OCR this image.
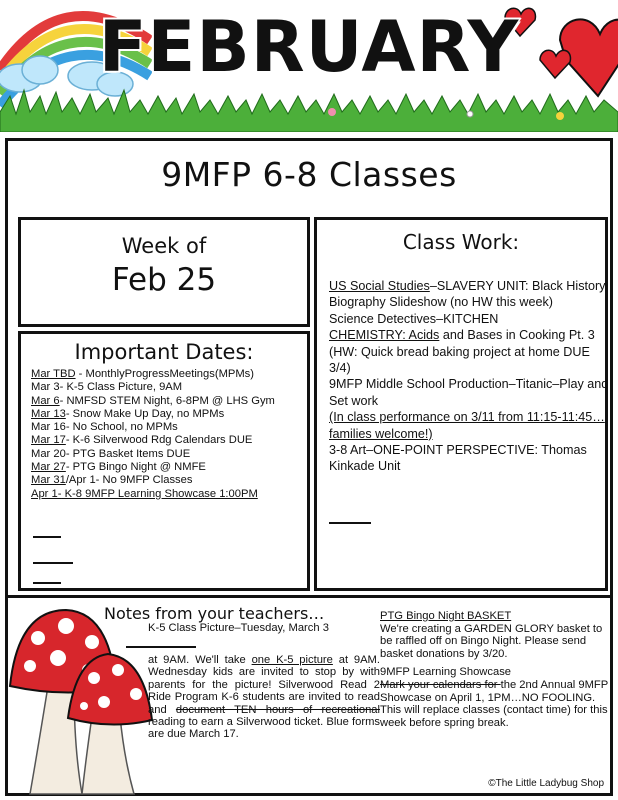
FEBRUARY
9MFP 6-8 Classes
Week of
Feb 25
Important Dates:
Mar TBD - MonthlyProgressMeetings(MPMs)
Mar 3- K-5 Class Picture, 9AM
Mar 6- NMFSD STEM Night, 6-8PM @ LHS Gym
Mar 13- Snow Make Up Day, no MPMs
Mar 16- No School, no MPMs
Mar 17- K-6 Silverwood Rdg Calendars DUE
Mar 20- PTG Basket Items DUE
Mar 27- PTG Bingo Night @ NMFE
Mar 31/Apr 1- No 9MFP Classes
Apr 1- K-8 9MFP Learning Showcase 1:00PM
Class Work:

US Social Studies–SLAVERY UNIT: Black History Biography Slideshow (no HW this week)

Science Detectives–KITCHEN

CHEMISTRY: Acids and Bases in Cooking Pt. 3 (HW: Quick bread baking project at home DUE 3/4)

9MFP Middle School Production–Titanic–Play and Set work

(In class performance on 3/11 from 11:15-11:45…families welcome!)

3-8 Art–ONE-POINT PERSPECTIVE: Thomas Kinkade Unit

Notes from your teachers…
K-5 Class Picture–Tuesday, March 3
at 9AM. We'll take one K-5 picture at 9AM. Wednesday kids are invited to stop by with parents for the picture! Silverwood Read 2 Ride Program K-6 students are invited to read and document TEN hours of recreational reading to earn a Silverwood ticket. Blue forms are due March 17.
PTG Bingo Night BASKET
We're creating a GARDEN GLORY basket to be raffled off on Bingo Night. Please send basket donations by 3/20.
9MFP Learning Showcase
Mark your calendars for the 2nd Annual 9MFP Showcase on April 1, 1PM…NO FOOLING. This will replace classes (contact time) for this week before spring break.
©The Little Ladybug Shop
